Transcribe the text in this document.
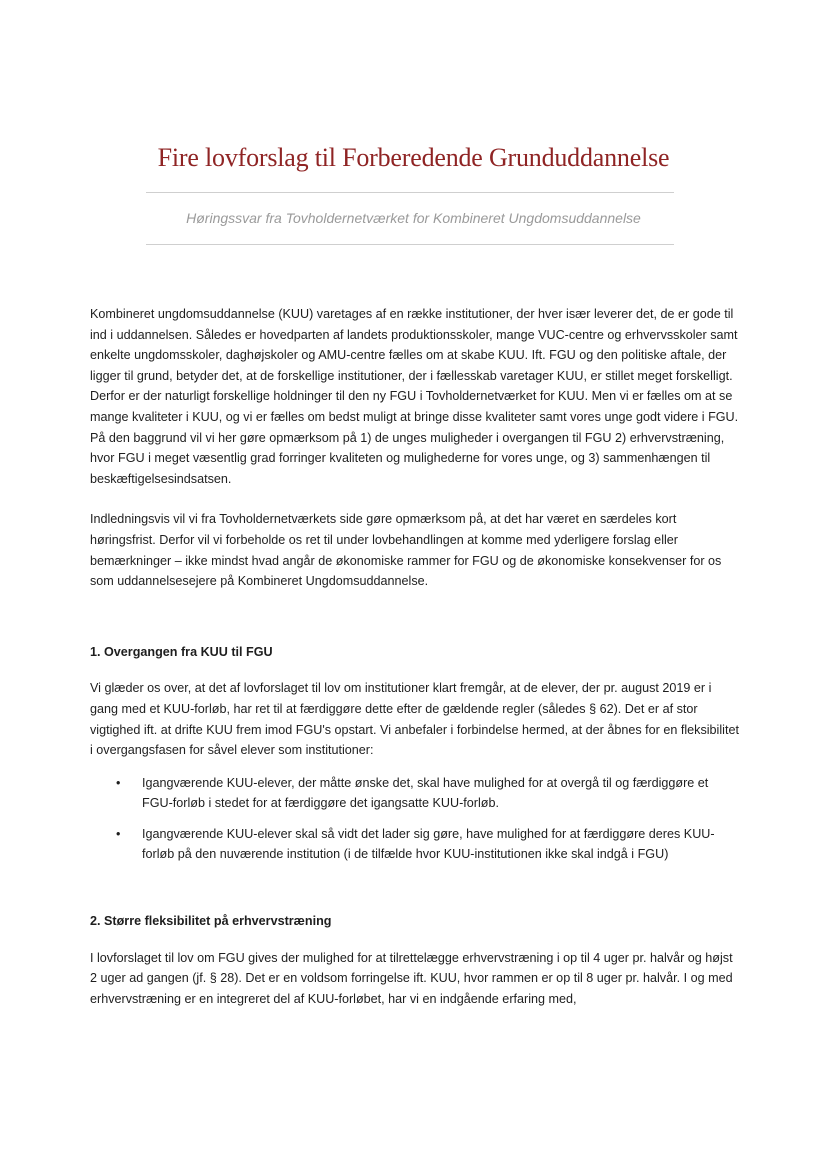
Fire lovforslag til Forberedende Grunduddannelse
Høringssvar fra Tovholdernetværket for Kombineret Ungdomsuddannelse

Kombineret ungdomsuddannelse (KUU) varetages af en række institutioner, der hver især leverer det, de er gode til ind i uddannelsen. Således er hovedparten af landets produktionsskoler, mange VUC-centre og erhvervsskoler samt enkelte ungdomsskoler, daghøjskoler og AMU-centre fælles om at skabe KUU. Ift. FGU og den politiske aftale, der ligger til grund, betyder det, at de forskellige institutioner, der i fællesskab varetager KUU, er stillet meget forskelligt. Derfor er der naturligt forskellige holdninger til den ny FGU i Tovholdernetværket for KUU. Men vi er fælles om at se mange kvaliteter i KUU, og vi er fælles om bedst muligt at bringe disse kvaliteter samt vores unge godt videre i FGU. På den baggrund vil vi her gøre opmærksom på 1) de unges muligheder i overgangen til FGU 2) erhvervstræning, hvor FGU i meget væsentlig grad forringer kvaliteten og mulighederne for vores unge, og 3) sammenhængen til beskæftigelsesindsatsen.

Indledningsvis vil vi fra Tovholdernetværkets side gøre opmærksom på, at det har været en særdeles kort høringsfrist. Derfor vil vi forbeholde os ret til under lovbehandlingen at komme med yderligere forslag eller bemærkninger – ikke mindst hvad angår de økonomiske rammer for FGU og de økonomiske konsekvenser for os som uddannelsesejere på Kombineret Ungdomsuddannelse.

1. Overgangen fra KUU til FGU

Vi glæder os over, at det af lovforslaget til lov om institutioner klart fremgår, at de elever, der pr. august 2019 er i gang med et KUU-forløb, har ret til at færdiggøre dette efter de gældende regler (således § 62). Det er af stor vigtighed ift. at drifte KUU frem imod FGU's opstart. Vi anbefaler i forbindelse hermed, at der åbnes for en fleksibilitet i overgangsfasen for såvel elever som institutioner:

• Igangværende KUU-elever, der måtte ønske det, skal have mulighed for at overgå til og færdiggøre et FGU-forløb i stedet for at færdiggøre det igangsatte KUU-forløb.
• Igangværende KUU-elever skal så vidt det lader sig gøre, have mulighed for at færdiggøre deres KUU-forløb på den nuværende institution (i de tilfælde hvor KUU-institutionen ikke skal indgå i FGU)

2. Større fleksibilitet på erhvervstræning

I lovforslaget til lov om FGU gives der mulighed for at tilrettelægge erhvervstræning i op til 4 uger pr. halvår og højst 2 uger ad gangen (jf. § 28). Det er en voldsom forringelse ift. KUU, hvor rammen er op til 8 uger pr. halvår. I og med erhvervstræning er en integreret del af KUU-forløbet, har vi en indgående erfaring med,
